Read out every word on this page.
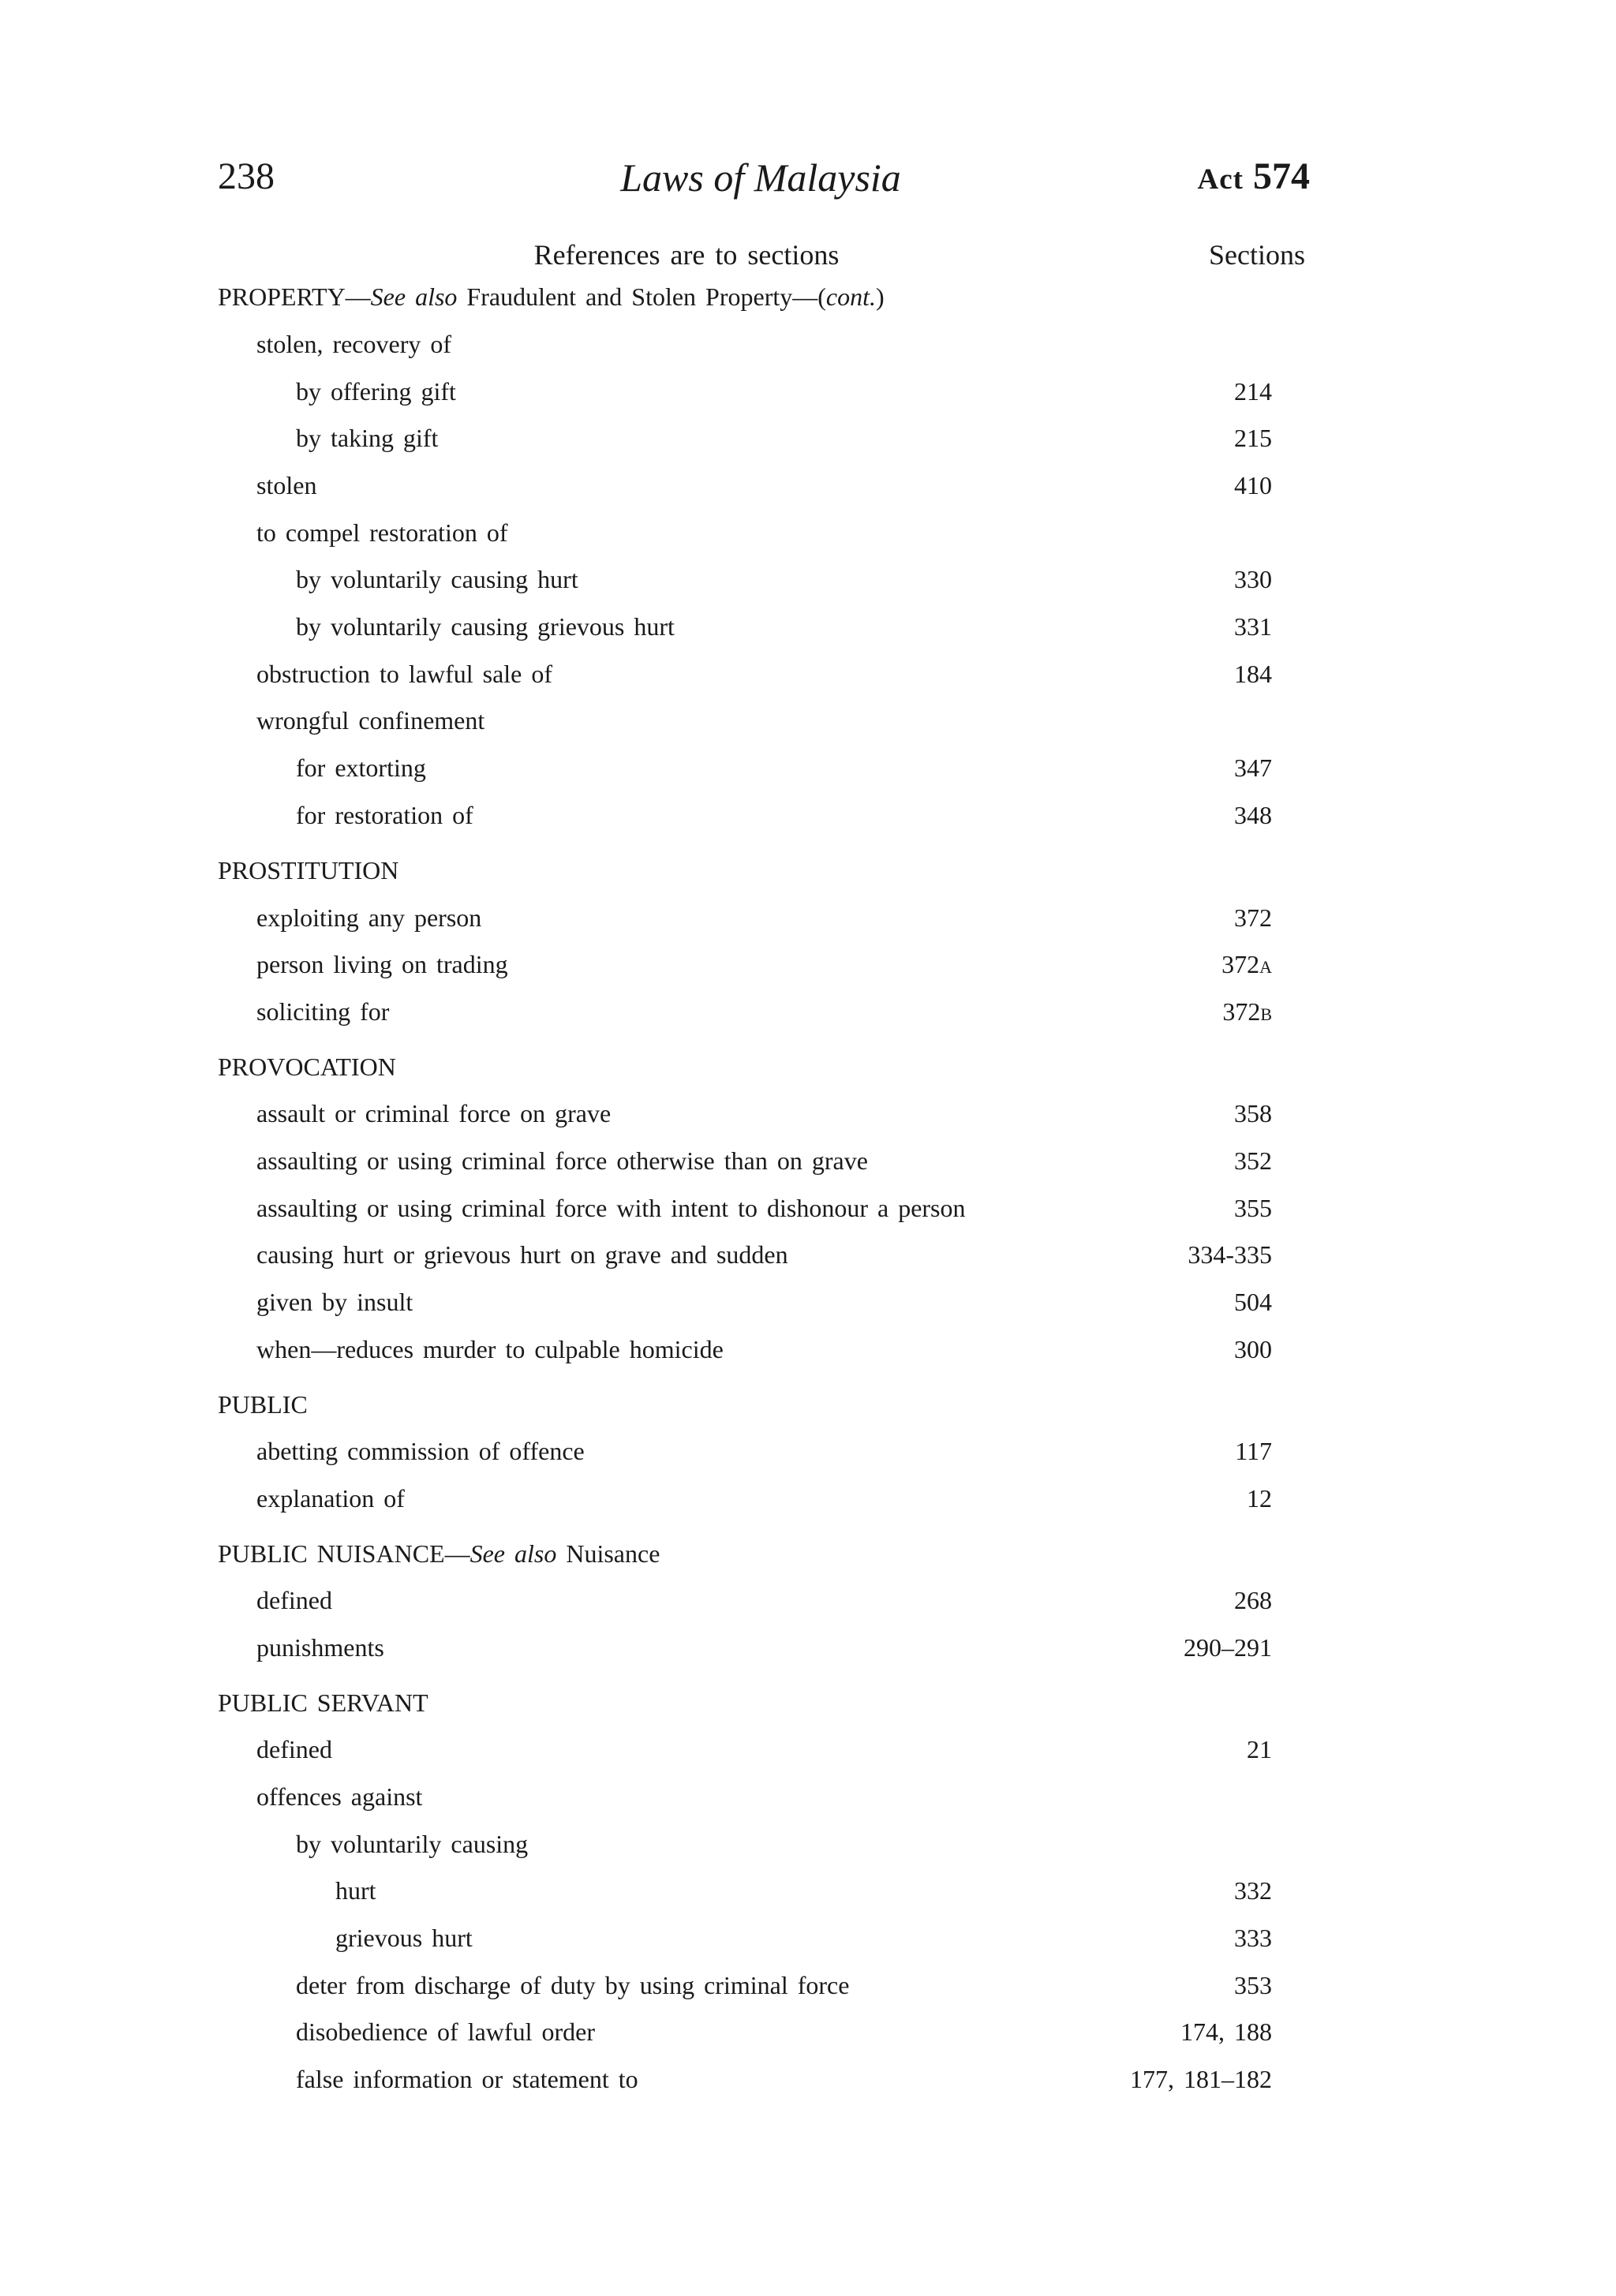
238	Laws of Malaysia	Act 574
References are to sections	Sections
PROPERTY—See also Fraudulent and Stolen Property—(cont.)
stolen, recovery of
by offering gift	214
by taking gift	215
stolen	410
to compel restoration of
by voluntarily causing hurt	330
by voluntarily causing grievous hurt	331
obstruction to lawful sale of	184
wrongful confinement
for extorting	347
for restoration of	348
PROSTITUTION
exploiting any person	372
person living on trading	372A
soliciting for	372B
PROVOCATION
assault or criminal force on grave	358
assaulting or using criminal force otherwise than on grave	352
assaulting or using criminal force with intent to dishonour a person	355
causing hurt or grievous hurt on grave and sudden	334-335
given by insult	504
when—reduces murder to culpable homicide	300
PUBLIC
abetting commission of offence	117
explanation of	12
PUBLIC NUISANCE—See also Nuisance
defined	268
punishments	290–291
PUBLIC SERVANT
defined	21
offences against
by voluntarily causing
hurt	332
grievous hurt	333
deter from discharge of duty by using criminal force	353
disobedience of lawful order	174, 188
false information or statement to	177, 181–182
